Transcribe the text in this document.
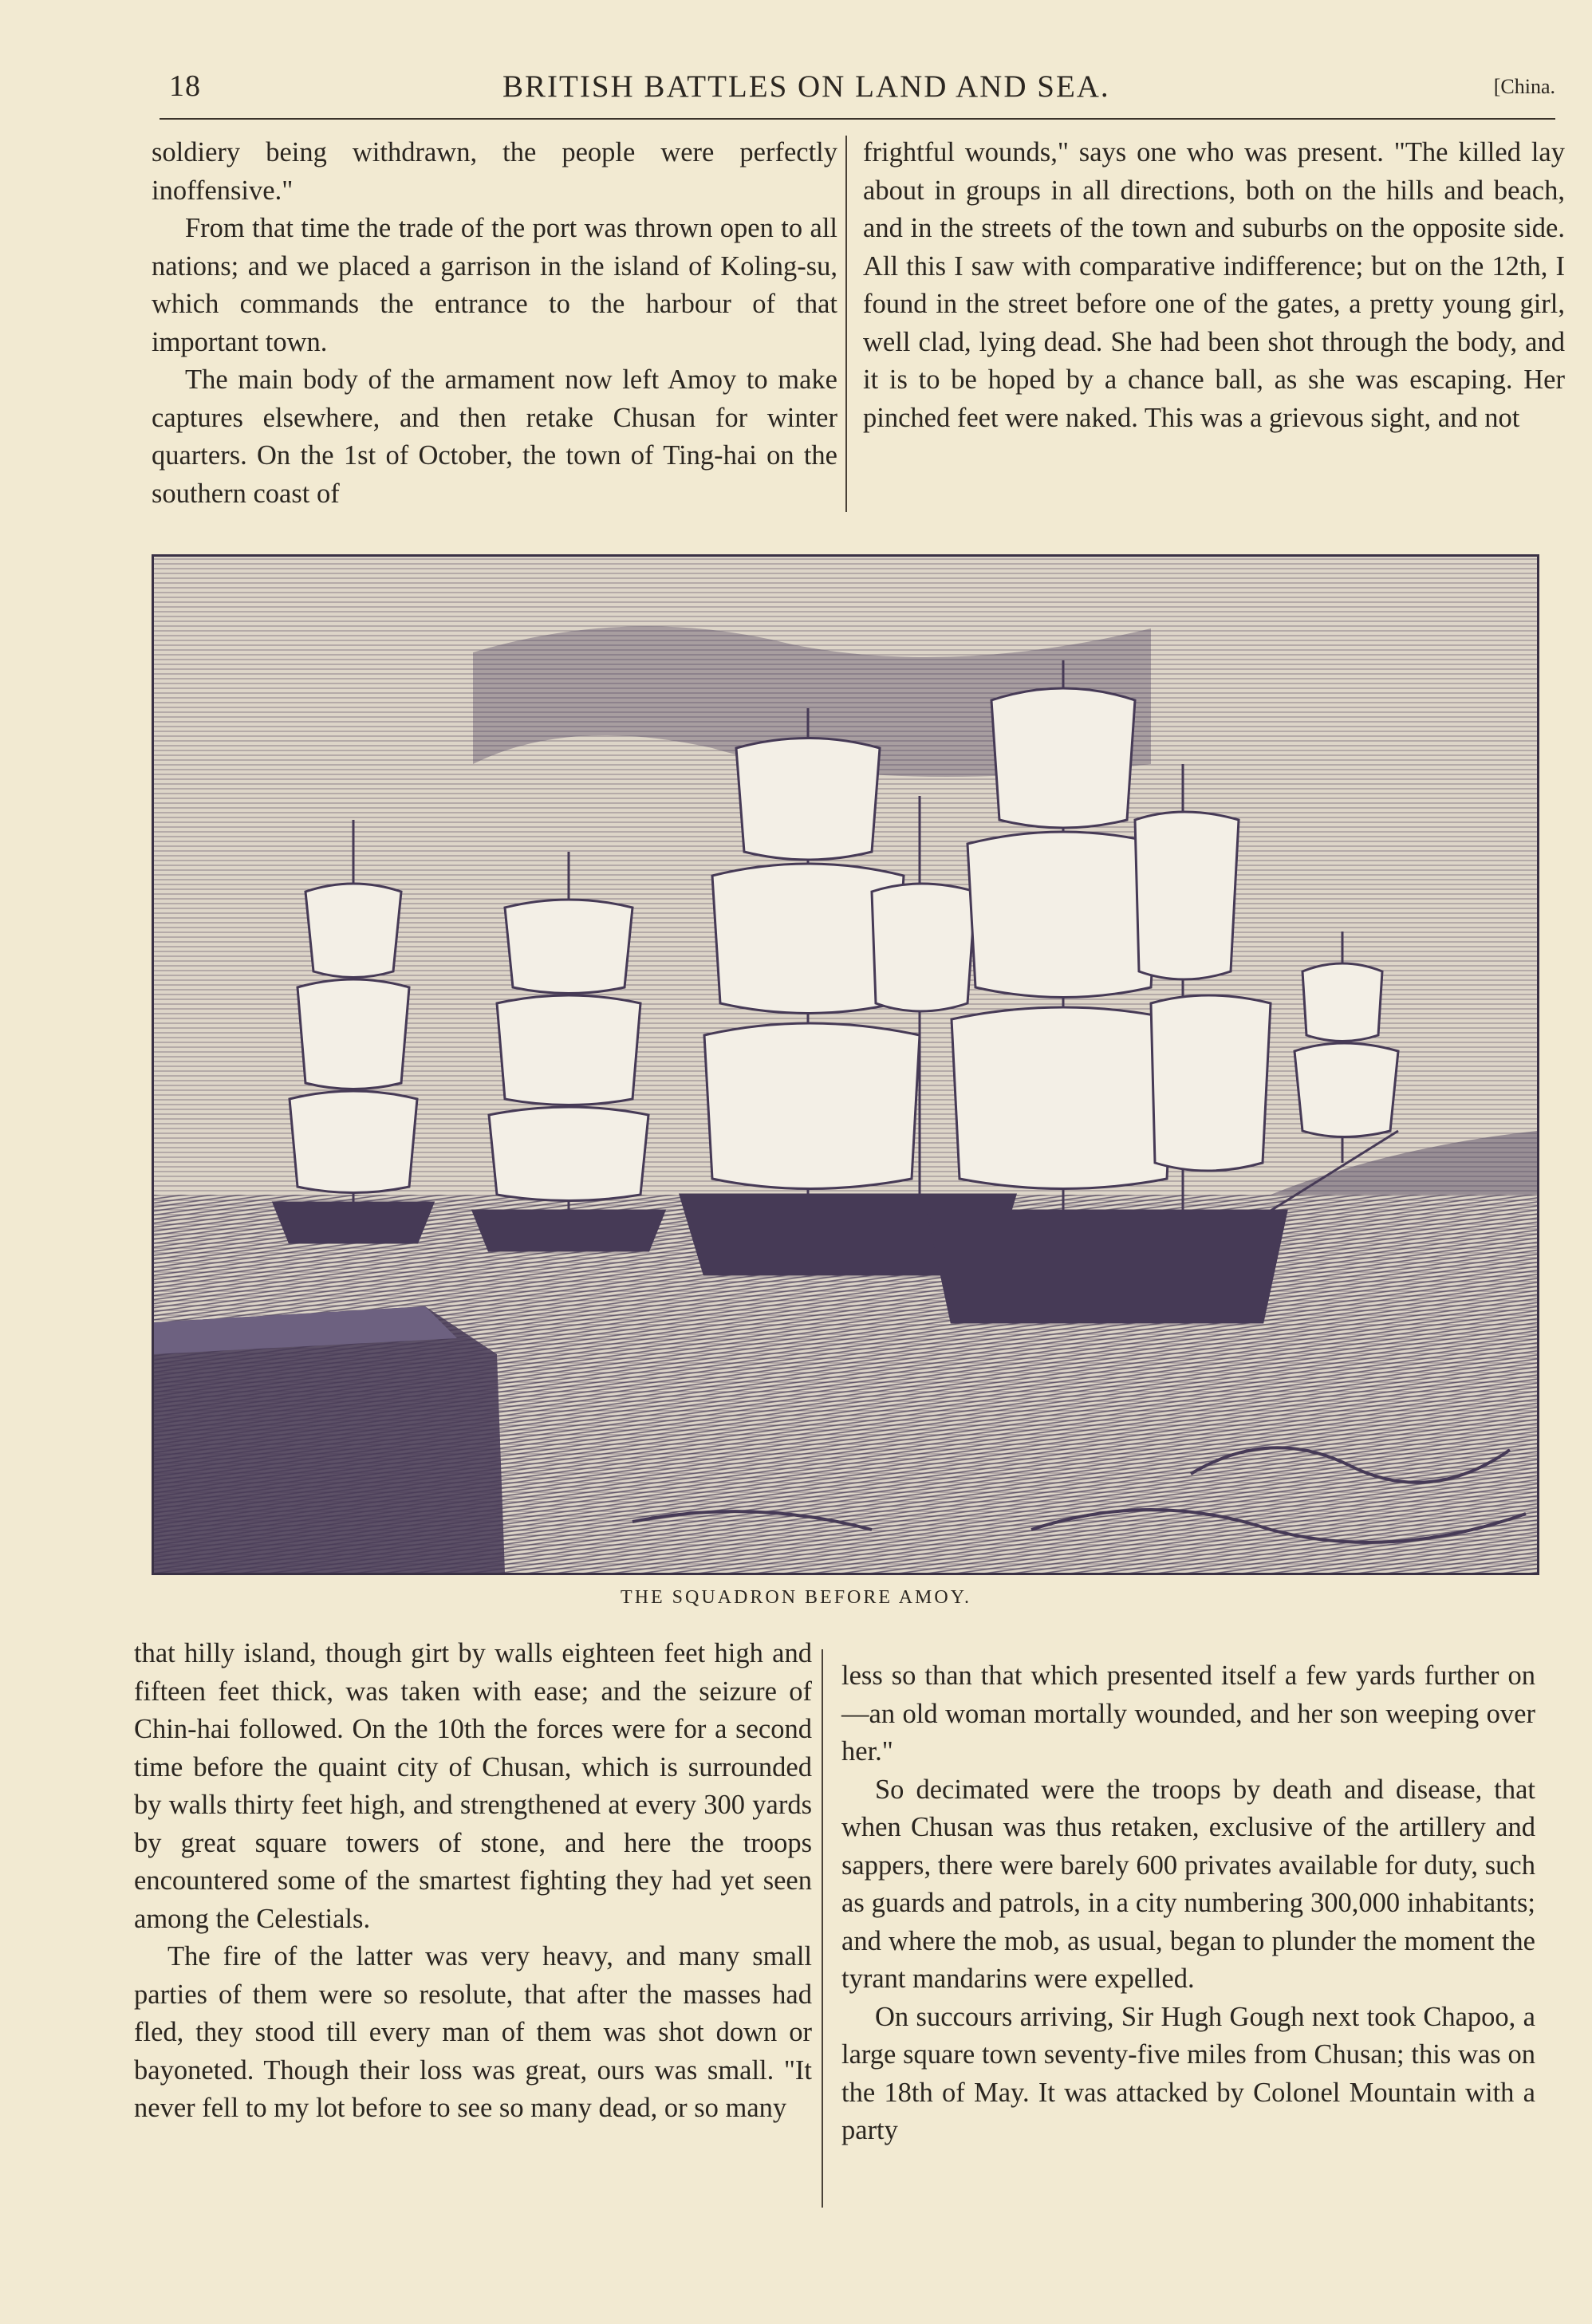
18	BRITISH BATTLES ON LAND AND SEA.	[China.

soldiery being withdrawn, the people were perfectly inoffensive."

From that time the trade of the port was thrown open to all nations; and we placed a garrison in the island of Koling-su, which commands the entrance to the harbour of that important town.

The main body of the armament now left Amoy to make captures elsewhere, and then retake Chusan for winter quarters. On the 1st of October, the town of Ting-hai on the southern coast of

frightful wounds," says one who was present. "The killed lay about in groups in all directions, both on the hills and beach, and in the streets of the town and suburbs on the opposite side. All this I saw with comparative indifference; but on the 12th, I found in the street before one of the gates, a pretty young girl, well clad, lying dead. She had been shot through the body, and it is to be hoped by a chance ball, as she was escaping. Her pinched feet were naked. This was a grievous sight, and not

THE SQUADRON BEFORE AMOY.

that hilly island, though girt by walls eighteen feet high and fifteen feet thick, was taken with ease; and the seizure of Chin-hai followed. On the 10th the forces were for a second time before the quaint city of Chusan, which is surrounded by walls thirty feet high, and strengthened at every 300 yards by great square towers of stone, and here the troops encountered some of the smartest fighting they had yet seen among the Celestials.

The fire of the latter was very heavy, and many small parties of them were so resolute, that after the masses had fled, they stood till every man of them was shot down or bayoneted. Though their loss was great, ours was small. "It never fell to my lot before to see so many dead, or so many

less so than that which presented itself a few yards further on—an old woman mortally wounded, and her son weeping over her."

So decimated were the troops by death and disease, that when Chusan was thus retaken, exclusive of the artillery and sappers, there were barely 600 privates available for duty, such as guards and patrols, in a city numbering 300,000 inhabitants; and where the mob, as usual, began to plunder the moment the tyrant mandarins were expelled.

On succours arriving, Sir Hugh Gough next took Chapoo, a large square town seventy-five miles from Chusan; this was on the 18th of May. It was attacked by Colonel Mountain with a party
